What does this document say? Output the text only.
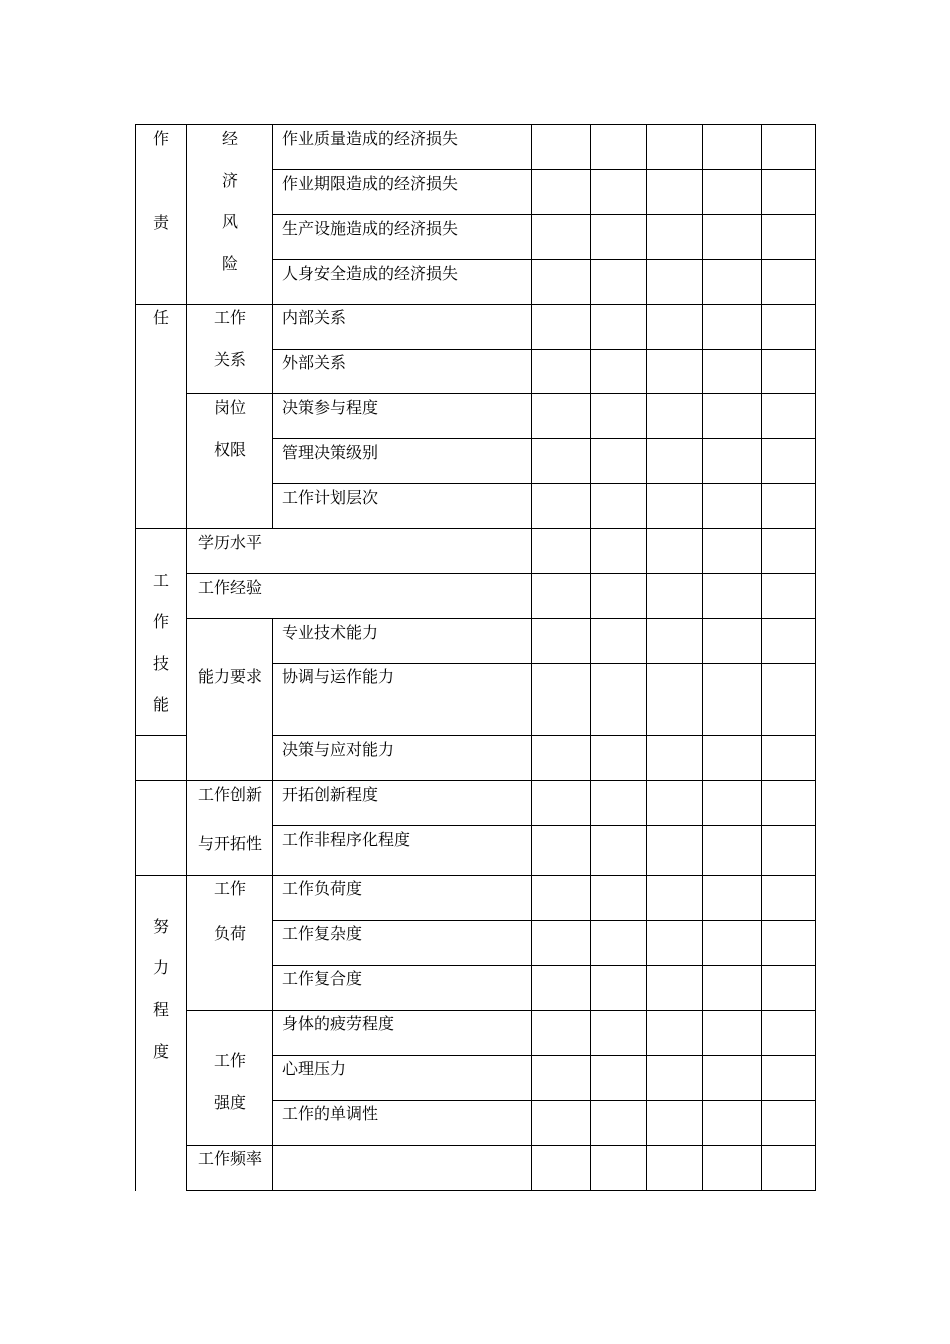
作
责
任
工
作
技
能
努
力
程
度
经
济
风
险
工作
关系
岗位
权限
学历水平
工作经验
能力要求
工作创新
与开拓性
工作
负荷
工作
强度
工作频率
作业质量造成的经济损失
作业期限造成的经济损失
生产设施造成的经济损失
人身安全造成的经济损失
内部关系
外部关系
决策参与程度
管理决策级别
工作计划层次
专业技术能力
协调与运作能力
决策与应对能力
开拓创新程度
工作非程序化程度
工作负荷度
工作复杂度
工作复合度
身体的疲劳程度
心理压力
工作的单调性
